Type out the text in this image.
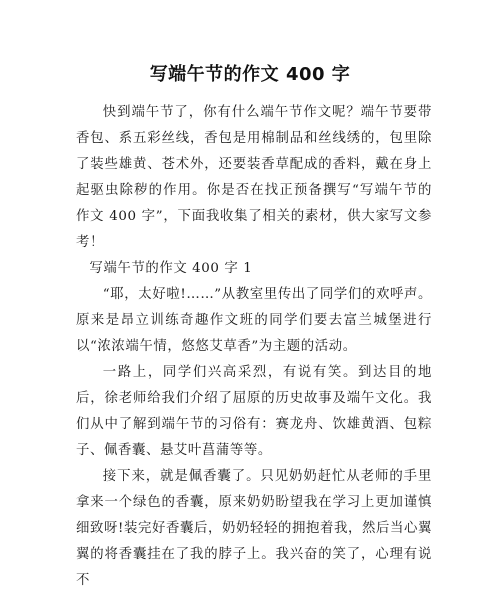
写端午节的作文 400 字

快到端午节了，你有什么端午节作文呢？端午节要带香包、系五彩丝线，香包是用棉制品和丝线绣的，包里除了装些雄黄、苍术外，还要装香草配成的香料，戴在身上起驱虫除秽的作用。你是否在找正预备撰写“写端午节的作文 400 字”，下面我收集了相关的素材，供大家写文参考！

写端午节的作文 400 字 1

“耶，太好啦!……”从教室里传出了同学们的欢呼声。原来是昂立训练奇趣作文班的同学们要去富兰城堡进行以“浓浓端午情，悠悠艾草香”为主题的活动。

一路上，同学们兴高采烈，有说有笑。到达目的地后，徐老师给我们介绍了屈原的历史故事及端午文化。我们从中了解到端午节的习俗有：赛龙舟、饮雄黄酒、包粽子、佩香囊、悬艾叶菖蒲等等。

接下来，就是佩香囊了。只见奶奶赶忙从老师的手里拿来一个绿色的香囊，原来奶奶盼望我在学习上更加谨慎细致呀!装完好香囊后，奶奶轻轻的拥抱着我，然后当心翼翼的将香囊挂在了我的脖子上。我兴奋的笑了，心理有说不
